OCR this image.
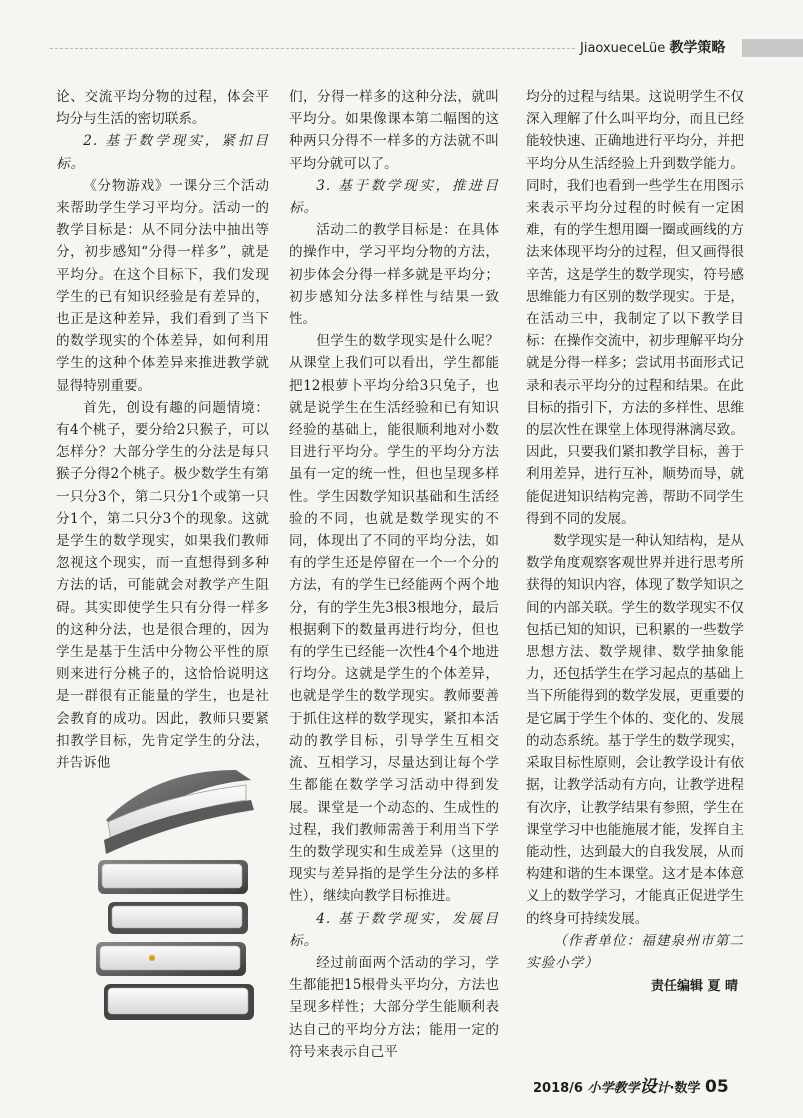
JiaoxueceLüe 教学策略

论、交流平均分物的过程，体会平均分与生活的密切联系。

2. 基于数学现实，紧扣目标。

《分物游戏》一课分三个活动来帮助学生学习平均分。活动一的教学目标是：从不同分法中抽出等分，初步感知“分得一样多”，就是平均分。在这个目标下，我们发现学生的已有知识经验是有差异的，也正是这种差异，我们看到了当下的数学现实的个体差异，如何利用学生的这种个体差异来推进教学就显得特别重要。

首先，创设有趣的问题情境：有4个桃子，要分给2只猴子，可以怎样分？大部分学生的分法是每只猴子分得2个桃子。极少数学生有第一只分3个，第二只分1个或第一只分1个，第二只分3个的现象。这就是学生的数学现实，如果我们教师忽视这个现实，而一直想得到多种方法的话，可能就会对教学产生阻碍。其实即使学生只有分得一样多的这种分法，也是很合理的，因为学生是基于生活中分物公平性的原则来进行分桃子的，这恰恰说明这是一群很有正能量的学生，也是社会教育的成功。因此，教师只要紧扣教学目标，先肯定学生的分法，并告诉他

们，分得一样多的这种分法，就叫平均分。如果像课本第二幅图的这种两只分得不一样多的方法就不叫平均分就可以了。

3. 基于数学现实，推进目标。

活动二的教学目标是：在具体的操作中，学习平均分物的方法，初步体会分得一样多就是平均分；初步感知分法多样性与结果一致性。

但学生的数学现实是什么呢？从课堂上我们可以看出，学生都能把12根萝卜平均分给3只兔子，也就是说学生在生活经验和已有知识经验的基础上，能很顺利地对小数目进行平均分。学生的平均分方法虽有一定的统一性，但也呈现多样性。学生因数学知识基础和生活经验的不同，也就是数学现实的不同，体现出了不同的平均分法，如有的学生还是停留在一个一个分的方法，有的学生已经能两个两个地分，有的学生先3根3根地分，最后根据剩下的数量再进行均分，但也有的学生已经能一次性4个4个地进行均分。这就是学生的个体差异，也就是学生的数学现实。教师要善于抓住这样的数学现实，紧扣本活动的教学目标，引导学生互相交流、互相学习，尽量达到让每个学生都能在数学学习活动中得到发展。课堂是一个动态的、生成性的过程，我们教师需善于利用当下学生的数学现实和生成差异（这里的现实与差异指的是学生分法的多样性），继续向教学目标推进。

4. 基于数学现实，发展目标。

经过前面两个活动的学习，学生都能把15根骨头平均分，方法也呈现多样性；大部分学生能顺利表达自己的平均分方法；能用一定的符号来表示自己平

均分的过程与结果。这说明学生不仅深入理解了什么叫平均分，而且已经能较快速、正确地进行平均分，并把平均分从生活经验上升到数学能力。同时，我们也看到一些学生在用图示来表示平均分过程的时候有一定困难，有的学生想用圈一圈或画线的方法来体现平均分的过程，但又画得很辛苦，这是学生的数学现实，符号感思维能力有区别的数学现实。于是，在活动三中，我制定了以下教学目标：在操作交流中，初步理解平均分就是分得一样多；尝试用书面形式记录和表示平均分的过程和结果。在此目标的指引下，方法的多样性、思维的层次性在课堂上体现得淋漓尽致。因此，只要我们紧扣教学目标，善于利用差异，进行互补，顺势而导，就能促进知识结构完善，帮助不同学生得到不同的发展。

数学现实是一种认知结构，是从数学角度观察客观世界并进行思考所获得的知识内容，体现了数学知识之间的内部关联。学生的数学现实不仅包括已知的知识，已积累的一些数学思想方法、数学规律、数学抽象能力，还包括学生在学习起点的基础上当下所能得到的数学发展，更重要的是它属于学生个体的、变化的、发展的动态系统。基于学生的数学现实，采取目标性原则，会让教学设计有依据，让教学活动有方向，让教学进程有次序，让教学结果有参照，学生在课堂学习中也能施展才能，发挥自主能动性，达到最大的自我发展，从而构建和谐的生本课堂。这才是本体意义上的数学学习，才能真正促进学生的终身可持续发展。

（作者单位：福建泉州市第二实验小学）

责任编辑 夏 晴
2018/6 小学教学设计·数学 05
